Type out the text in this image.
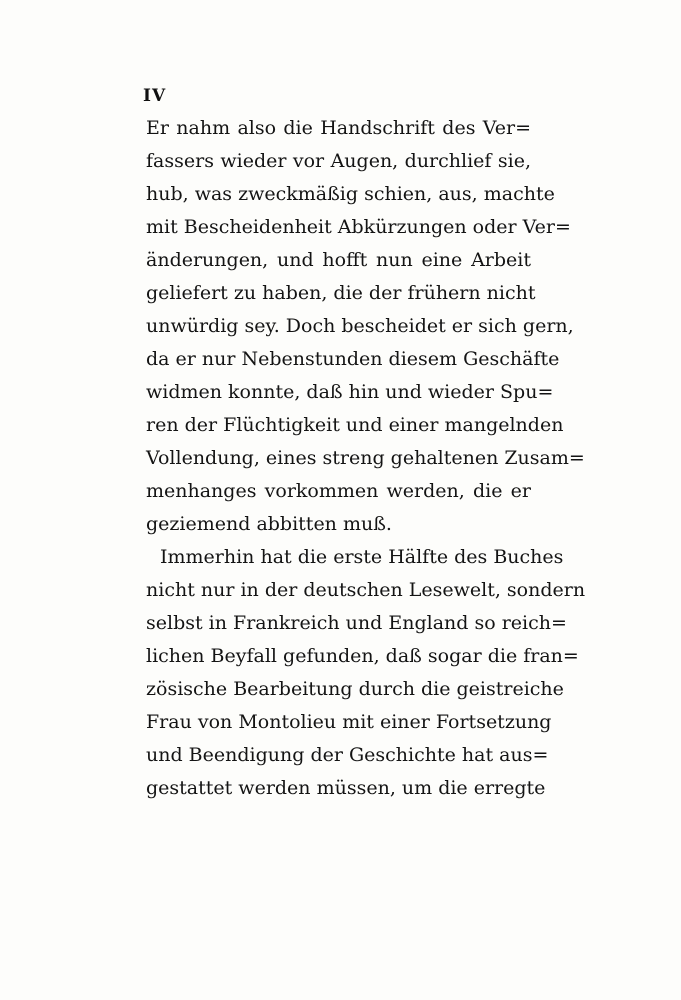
IV
Er nahm also die Handschrift des Ver=
fassers wieder vor Augen, durchlief sie,
hub, was zweckmäßig schien, aus, machte
mit Bescheidenheit Abkürzungen oder Ver=
änderungen, und hofft nun eine Arbeit
geliefert zu haben, die der frühern nicht
unwürdig sey. Doch bescheidet er sich gern,
da er nur Nebenstunden diesem Geschäfte
widmen konnte, daß hin und wieder Spu=
ren der Flüchtigkeit und einer mangelnden
Vollendung, eines streng gehaltenen Zusam=
menhanges vorkommen werden, die er
geziemend abbitten muß.
Immerhin hat die erste Hälfte des Buches
nicht nur in der deutschen Lesewelt, sondern
selbst in Frankreich und England so reich=
lichen Beyfall gefunden, daß sogar die fran=
zösische Bearbeitung durch die geistreiche
Frau von Montolieu mit einer Fortsetzung
und Beendigung der Geschichte hat aus=
gestattet werden müssen, um die erregte
